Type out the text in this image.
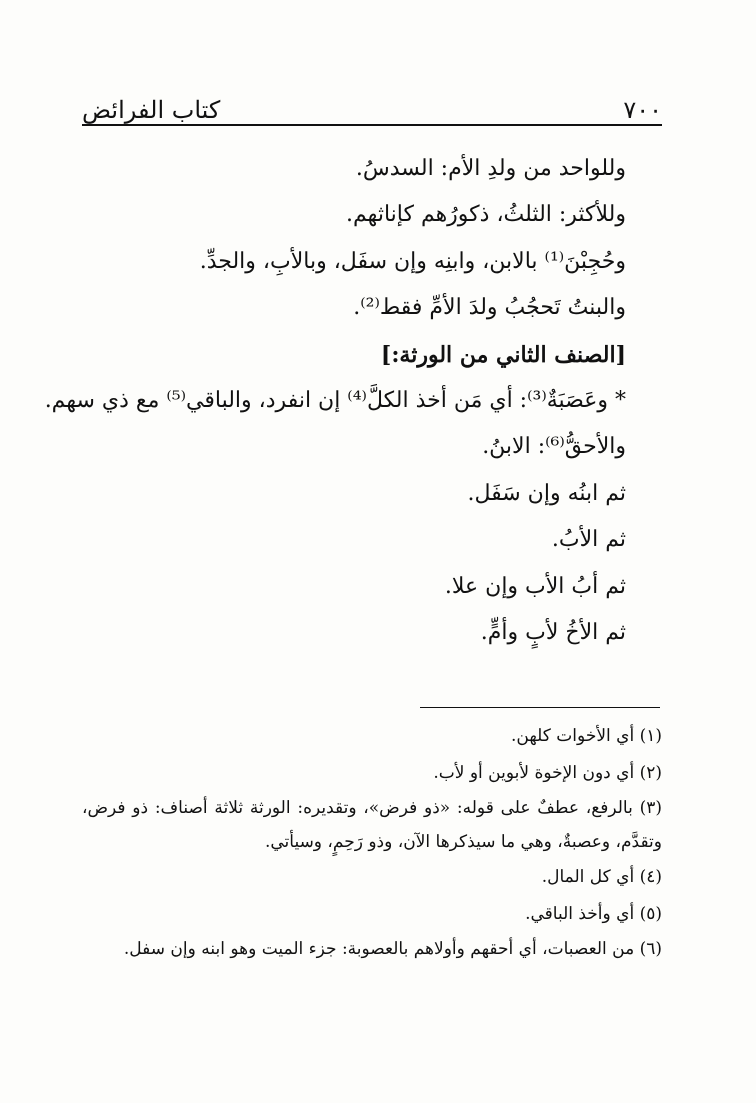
كتاب الفرائض	٧٠٠
وللواحد من ولدِ الأم: السدسُ.
وللأكثر: الثلثُ، ذكورُهم كإناثهم.
وحُجِبْنَ⁽¹⁾ بالابن، وابنِه وإن سفَل، وبالأبِ، والجدِّ.
والبنتُ تَحجُبُ ولدَ الأمِّ فقط⁽²⁾.
[الصنف الثاني من الورثة:]
* وعَصَبَةٌ⁽³⁾: أي مَن أخذ الكلَّ⁽⁴⁾ إن انفرد، والباقي⁽⁵⁾ مع ذي سهم.
والأحقُّ⁽⁶⁾: الابنُ.
ثم ابنُه وإن سَفَل.
ثم الأبُ.
ثم أبُ الأب وإن علا.
ثم الأخُ لأبٍ وأمٍّ.
(١) أي الأخوات كلهن.
(٢) أي دون الإخوة لأبوين أو لأب.
(٣) بالرفع، عطفٌ على قوله: «ذو فرض»، وتقديره: الورثة ثلاثة أصناف: ذو فرض، وتقدَّم، وعصبةٌ، وهي ما سيذكرها الآن، وذو رَحِمٍ، وسيأتي.
(٤) أي كل المال.
(٥) أي وأخذ الباقي.
(٦) من العصبات، أي أحقهم وأولاهم بالعصوبة: جزء الميت وهو ابنه وإن سفل.
